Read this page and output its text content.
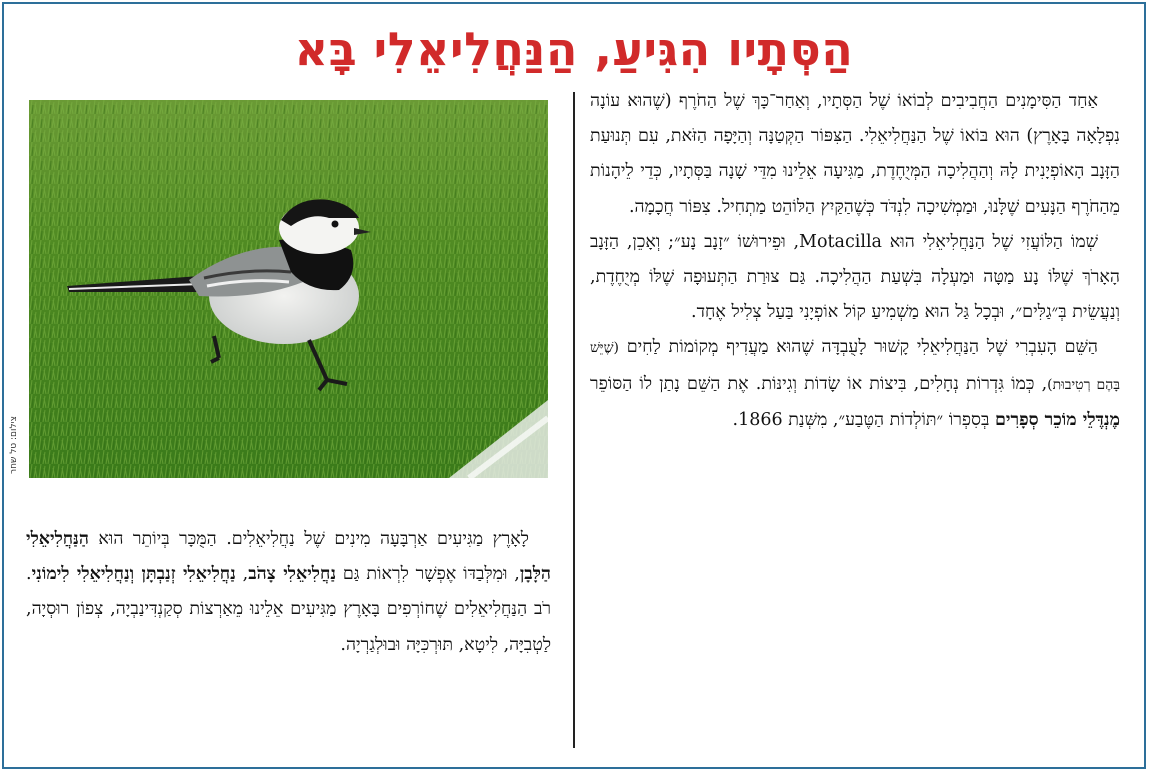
הַסְּתָיו הִגִּיעַ, הַנַּחֲלִיאֵלִי בָּא

אַחַד הַסִּימָנִים הַחֲבִיבִים לְבוֹאוֹ שֶׁל הַסְּתָיו, וְאַחַר־כָּךְ שֶׁל הַחֹרֶף (שֶׁהוּא עוֹנָה נִפְלָאָה בָּאָרֶץ) הוּא בּוֹאוֹ שֶׁל הַנַּחֲלִיאֵלִי. הַצִּפּוֹר הַקְּטַנָּה וְהַיָּפָה הַזֹּאת, עִם תְּנוּעַת הַזָּנָב הָאוֹפְיָנִית לָהּ וְהַהֲלִיכָה הַמְּיֻחֶדֶת, מַגִּיעָה אֵלֵינוּ מִדֵּי שָׁנָה בַּסְּתָיו, כְּדֵי לֵיהָנוֹת מֵהַחֹרֶף הַנָּעִים שֶׁלָּנוּ, וּמַמְשִׁיכָה לִנְדֹּד כְּשֶׁהַקַּיִץ הַלּוֹהֵט מַתְחִיל. צִפּוֹר חֲכָמָה.

שְׁמוֹ הַלּוֹעֲזִי שֶׁל הַנַּחֲלִיאֵלִי הוּא Motacilla, וּפֵירוּשׁוֹ ״זָנָב נָע״; וְאָכֵן, הַזָּנָב הָאָרֹךְ שֶׁלּוֹ נָע מַטָּה וּמַעְלָה בִּשְׁעַת הַהֲלִיכָה. גַּם צוּרַת הַתְּעוּפָה שֶׁלּוֹ מְיֻחֶדֶת, וְנַעֲשֵׂית בְּ״גַלִּים״, וּבְכָל גַּל הוּא מַשְׁמִיעַ קוֹל אוֹפְיָנִי בַּעַל צְלִיל אֶחָד.

הַשֵּׁם הָעִבְרִי שֶׁל הַנַּחֲלִיאֵלִי קָשׁוּר לָעֻבְדָּה שֶׁהוּא מַעֲדִיף מְקוֹמוֹת לַחִים (שֶׁיֵּשׁ בָּהֶם רְטִיבוּת), כְּמוֹ גִּדְרוֹת נְחָלִים, בִּיצוֹת אוֹ שָׂדוֹת וְגִינּוֹת. אֶת הַשֵּׁם נָתַן לוֹ הַסּוֹפֵר מֶנְדֶּלֵי מוֹכֵר סְפָרִים בְּסִפְרוֹ ״תּוֹלְדוֹת הַטֶּבַע״, מִשְּׁנַת 1866.

צילום: טל שחר

לָאָרֶץ מַגִּיעִים אַרְבָּעָה מִינִים שֶׁל נַחֲלִיאֵלִים. הַמֻּכָּר בְּיוֹתֵר הוּא הַנַּחֲלִיאֵלִי הַלָּבָן, וּמִלְּבַדּוֹ אֶפְשָׁר לִרְאוֹת גַּם נַחֲלִיאֵלִי צָהֹב, נַחֲלִיאֵלִי זְנַבְתָּן וְנַחֲלִיאֵלִי לִימוֹנִי. רֹב הַנַּחֲלִיאֵלִים שֶׁחוֹרְפִים בָּאָרֶץ מַגִּיעִים אֵלֵינוּ מֵאַרְצוֹת סְקַנְדִּינַבְיָה, צְפוֹן רוּסְיָה, לַטְבִיָּה, לִיטָא, תּוּרְכִּיָּה וּבוּלְגַרְיָה.
